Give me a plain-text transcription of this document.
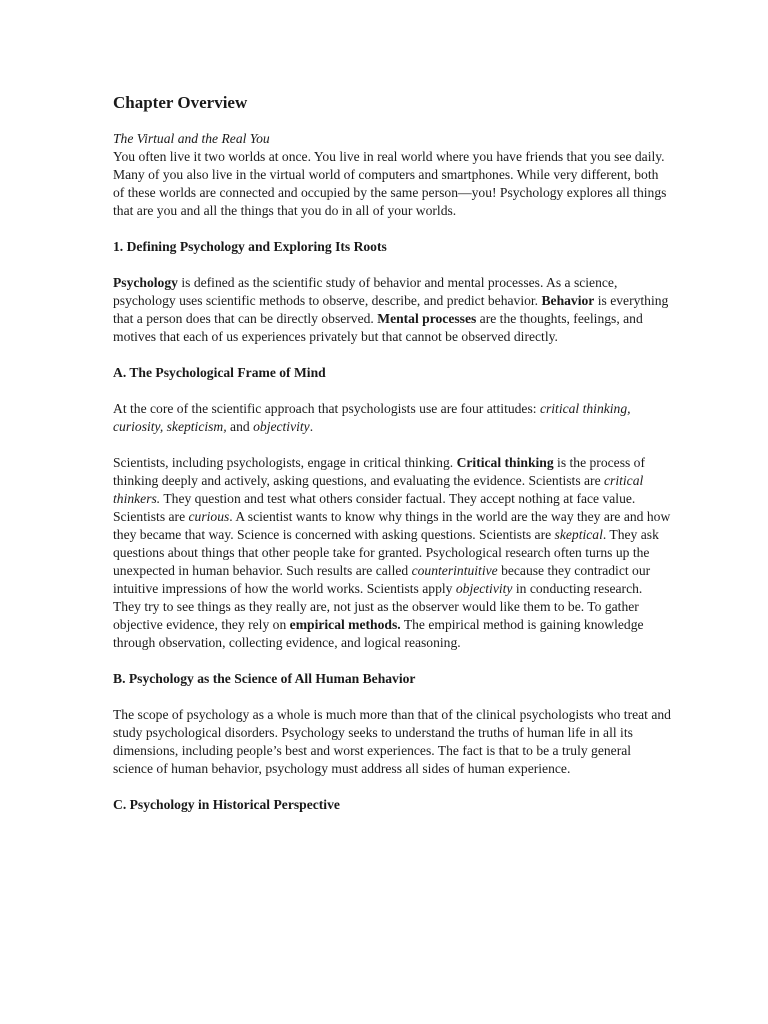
Chapter Overview

The Virtual and the Real You
You often live it two worlds at once. You live in real world where you have friends that you see daily. Many of you also live in the virtual world of computers and smartphones. While very different, both of these worlds are connected and occupied by the same person—you! Psychology explores all things that are you and all the things that you do in all of your worlds.

1. Defining Psychology and Exploring Its Roots

Psychology is defined as the scientific study of behavior and mental processes. As a science, psychology uses scientific methods to observe, describe, and predict behavior. Behavior is everything that a person does that can be directly observed. Mental processes are the thoughts, feelings, and motives that each of us experiences privately but that cannot be observed directly.

A. The Psychological Frame of Mind

At the core of the scientific approach that psychologists use are four attitudes: critical thinking, curiosity, skepticism, and objectivity.

Scientists, including psychologists, engage in critical thinking. Critical thinking is the process of thinking deeply and actively, asking questions, and evaluating the evidence. Scientists are critical thinkers. They question and test what others consider factual. They accept nothing at face value. Scientists are curious. A scientist wants to know why things in the world are the way they are and how they became that way. Science is concerned with asking questions. Scientists are skeptical. They ask questions about things that other people take for granted. Psychological research often turns up the unexpected in human behavior. Such results are called counterintuitive because they contradict our intuitive impressions of how the world works. Scientists apply objectivity in conducting research. They try to see things as they really are, not just as the observer would like them to be. To gather objective evidence, they rely on empirical methods. The empirical method is gaining knowledge through observation, collecting evidence, and logical reasoning.

B. Psychology as the Science of All Human Behavior

The scope of psychology as a whole is much more than that of the clinical psychologists who treat and study psychological disorders. Psychology seeks to understand the truths of human life in all its dimensions, including people’s best and worst experiences. The fact is that to be a truly general science of human behavior, psychology must address all sides of human experience.

C. Psychology in Historical Perspective
